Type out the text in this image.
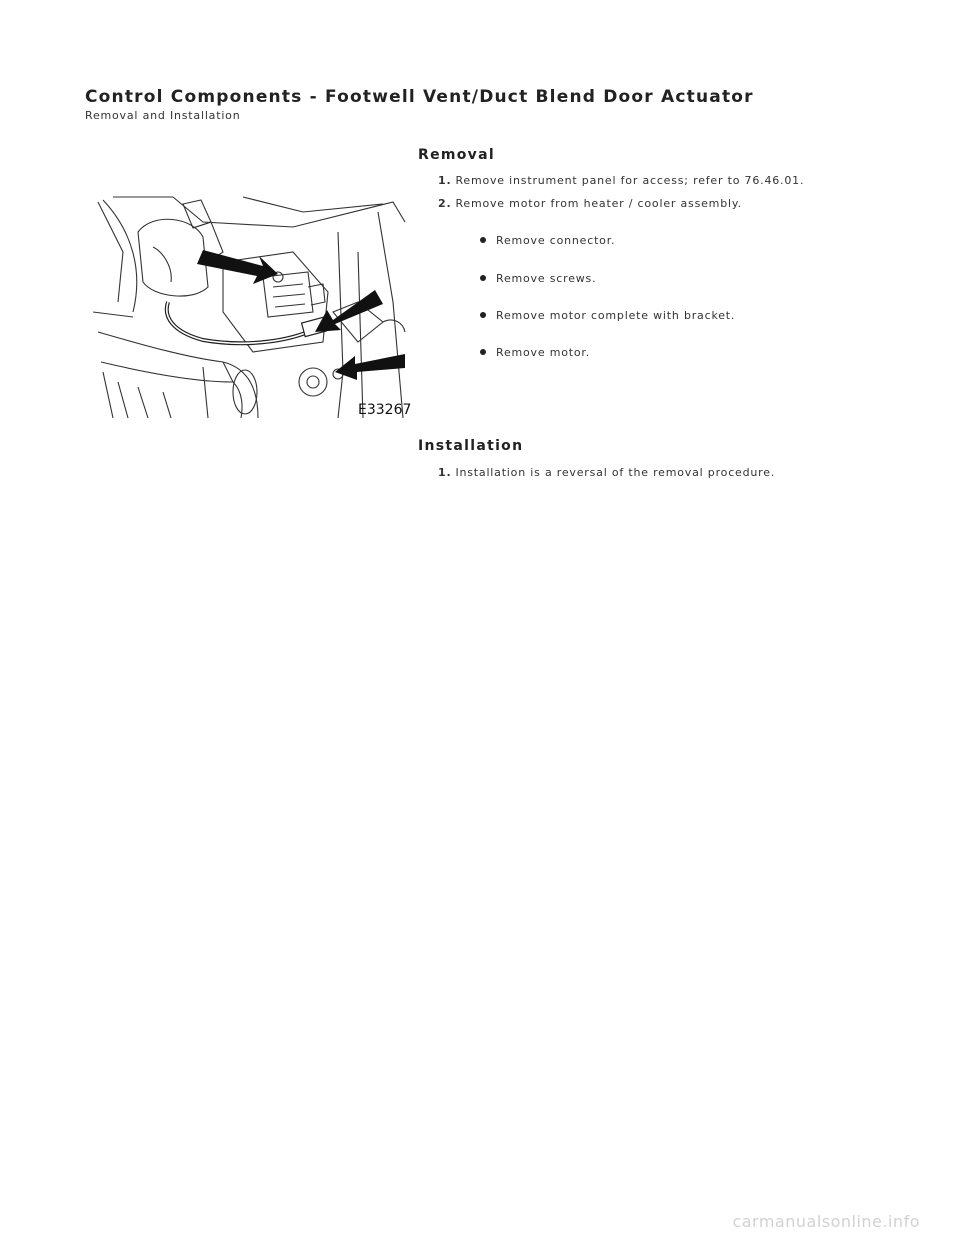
Control Components - Footwell Vent/Duct Blend Door Actuator
Removal and Installation
E33267
Removal
1. Remove instrument panel for access; refer to 76.46.01.
2. Remove motor from heater / cooler assembly.
Remove connector.
Remove screws.
Remove motor complete with bracket.
Remove motor.
Installation
1. Installation is a reversal of the removal procedure.
carmanualsonline.info
